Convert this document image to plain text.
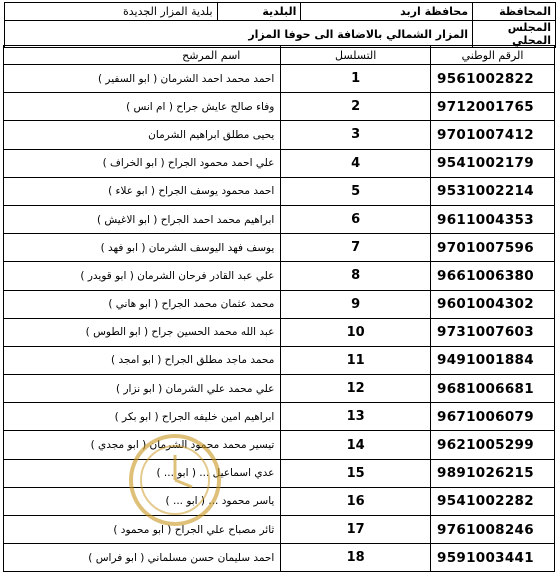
بلدية المزار الجديدة	البلدية	محافظة اربد	المحافظة
المزار الشمالي بالاضافة الى حوفا المزار			المجلس المحلي
اسم المرشح	التسلسل	الرقم الوطني
احمد محمد احمد الشرمان ( ابو السفير )	1	9561002822
وفاء صالح عايش جراح ( ام انس )	2	9712001765
يحيى مطلق ابراهيم الشرمان	3	9701007412
علي احمد محمود الجراح ( ابو الخراف )	4	9541002179
احمد محمود يوسف الجراح ( ابو علاء )	5	9531002214
ابراهيم محمد احمد الجراح ( ابو الاغيش )	6	9611004353
يوسف فهد اليوسف الشرمان ( ابو فهد )	7	9701007596
علي عبد القادر فرحان الشرمان ( ابو قويدر )	8	9661006380
محمد عثمان محمد الجراح ( ابو هاني )	9	9601004302
عبد الله محمد الحسين جراح ( ابو الطوس )	10	9731007603
محمد ماجد مطلق الجراح ( ابو امجد )	11	9491001884
علي محمد علي الشرمان ( ابو نزار )	12	9681006681
ابراهيم امين خليفه الجراح ( ابو بكر )	13	9671006079
تيسير محمد محمود الشرمان ( ابو مجدي )	14	9621005299
عدي اسماعيل ... ( ابو ... )	15	9891026215
ياسر محمود ... ( ابو ... )	16	9541002282
ثائر مصباح علي الجراح ( ابو محمود )	17	9761008246
احمد سليمان حسن مسلماني ( ابو فراس )	18	9591003441
